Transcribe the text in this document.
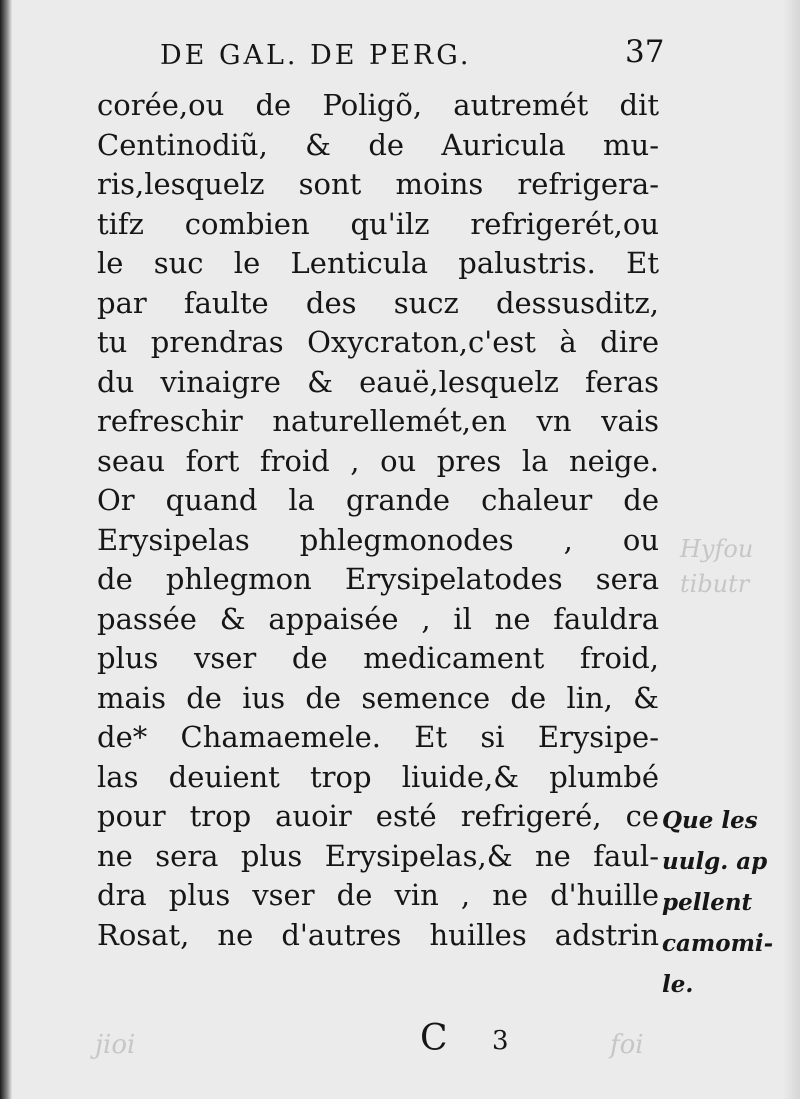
Hyfou
tibutr
jioi	foi
DE GAL. DE PERG.	37
corée,ou de Poligõ, autremét dit
Centinodiũ, & de Auricula mu-
ris,lesquelz sont moins refrigera-
tifz combien qu'ilz refrigerét,ou
le suc le Lenticula palustris. Et
par faulte des sucz dessusditz,
tu prendras Oxycraton,c'est à dire
du vinaigre & eauë,lesquelz feras
refreschir naturellemét,en vn vais
seau fort froid , ou pres la neige.
Or quand la grande chaleur de
Erysipelas phlegmonodes , ou
de phlegmon Erysipelatodes sera
passée & appaisée , il ne fauldra
plus vser de medicament froid,
mais de ius de semence de lin, &
de* Chamaemele. Et si Erysipe-
las deuient trop liuide,& plumbé
pour trop auoir esté refrigeré, ce
ne sera plus Erysipelas,& ne faul-
dra plus vser de vin , ne d'huille
Rosat, ne d'autres huilles adstrin
Que les
uulg. ap
pellent
camomi-
le.
C 3
